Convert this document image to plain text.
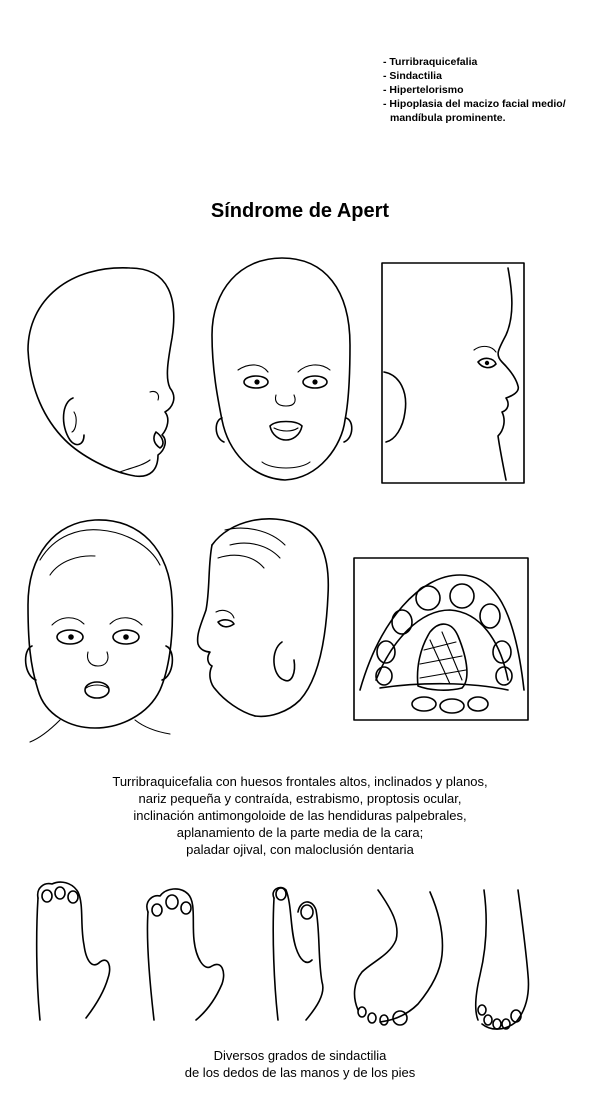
- Turribraquicefalia
- Sindactilia
- Hipertelorismo
- Hipoplasia del macizo facial medio/
mandíbula prominente.
Síndrome de Apert
Turribraquicefalia con huesos frontales altos, inclinados y planos,
nariz pequeña y contraída, estrabismo, proptosis ocular,
inclinación antimongoloide de las hendiduras palpebrales,
aplanamiento de la parte media de la cara;
paladar ojival, con maloclusión dentaria
Diversos grados de sindactilia
de los dedos de las manos y de los pies
